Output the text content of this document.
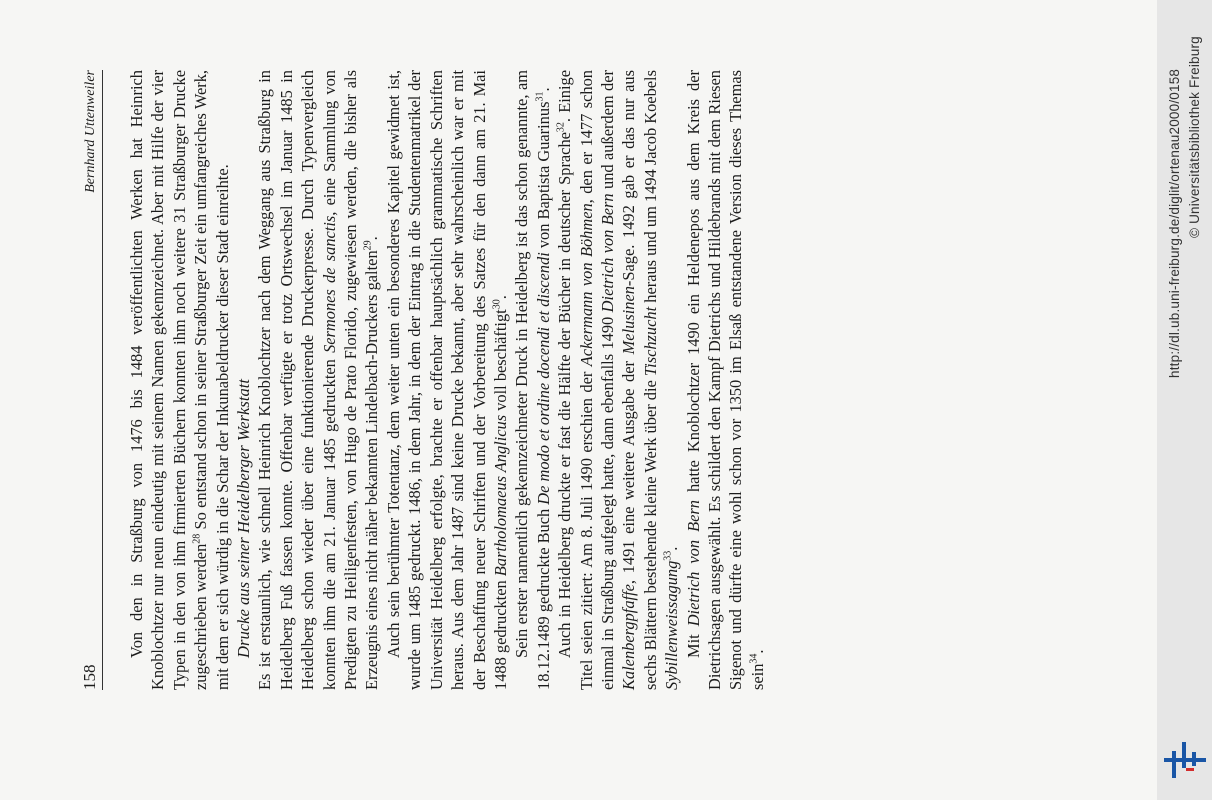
http://dl.ub.uni-freiburg.de/diglit/ortenau2000/0158 © Universitätsbibliothek Freiburg
158
Bernhard Uttenweiler Von den in Straßburg von 1476 bis 1484 veröffentlichten Werken hat Heinrich Knoblochtzer nur neun eindeutig mit seinem Namen gekennzeichnet. Aber mit Hilfe der vier Typen in den von ihm firmierten Büchern konnten ihm noch weitere 31 Straßburger Drucke zugeschrieben werden$^{28}$ So entstand schon in seiner Straßburger Zeit ein umfangreiches Werk, mit dem er sich würdig in die Schar der Inkunabeldrucker dieser Stadt einreihte. Drucke aus seiner Heidelberger Werkstatt Es ist erstaunlich, wie schnell Heinrich Knoblochtzer nach dem Weggang aus Straßburg in Heidelberg Fuß fassen konnte. Offenbar verfügte er trotz Ortswechsel im Januar 1485 in Heidelberg schon wieder über eine funktionierende Druckerpresse. Durch Typenvergleich konnten ihm die am 21. Januar 1485 gedruckten Sermones de sanctis, eine Sammlung von Predigten zu Heiligenfesten, von Hugo de Prato Florido, zugewiesen werden, die bisher als Erzeugnis eines nicht näher bekannten Lindelbach-Druckers galten$^{29}$. Auch sein berühmter Totentanz, dem weiter unten ein besonderes Kapitel gewidmet ist, wurde um 1485 gedruckt. 1486, in dem Jahr, in dem der Eintrag in die Studentenmatrikel der Universität Heidelberg erfolgte, brachte er offenbar hauptsächlich grammatische Schriften heraus. Aus dem Jahr 1487 sind keine Drucke bekannt, aber sehr wahrscheinlich war er mit der Beschaffung neuer Schriften und der Vorbereitung des Satzes für den dann am 21. Mai 1488 gedruckten Bartholomaeus Anglicus voll beschäftigt$^{30}$. Sein erster namentlich gekennzeichneter Druck in Heidelberg ist das schon genannte, am 18.12.1489 gedruckte Buch De modo et ordine docendi et discendi von Baptista Guarinus$^{31}$.

Auch in Heidelberg druckte er fast die Hälfte der Bücher in deutscher Sprache$^{32}$. Einige Titel seien zitiert: Am 8. Juli 1490 erschien der Ackermann von Böhmen, den er 1477 schon einmal in Straßburg aufgelegt hatte, dann ebenfalls 1490 Dietrich von Bern und außerdem der Kalenbergpfaffe, 1491 eine weitere Ausgabe der Melusinen-Sage. 1492 gab er das nur aus sechs Blättern bestehende kleine Werk über die Tischzucht heraus und um 1494 Jacob Koebels Sybillenweissagung$^{33}$.

Mit Dietrich von Bern hatte Knoblochtzer 1490 ein Heldenepos aus dem Kreis der Dietrichsagen ausgewählt. Es schildert den Kampf Dietrichs und Hildebrands mit dem Riesen Sigenot und dürfte eine wohl schon vor 1350 im Elsaß entstandene Version dieses Themas sein$^{34}$.
